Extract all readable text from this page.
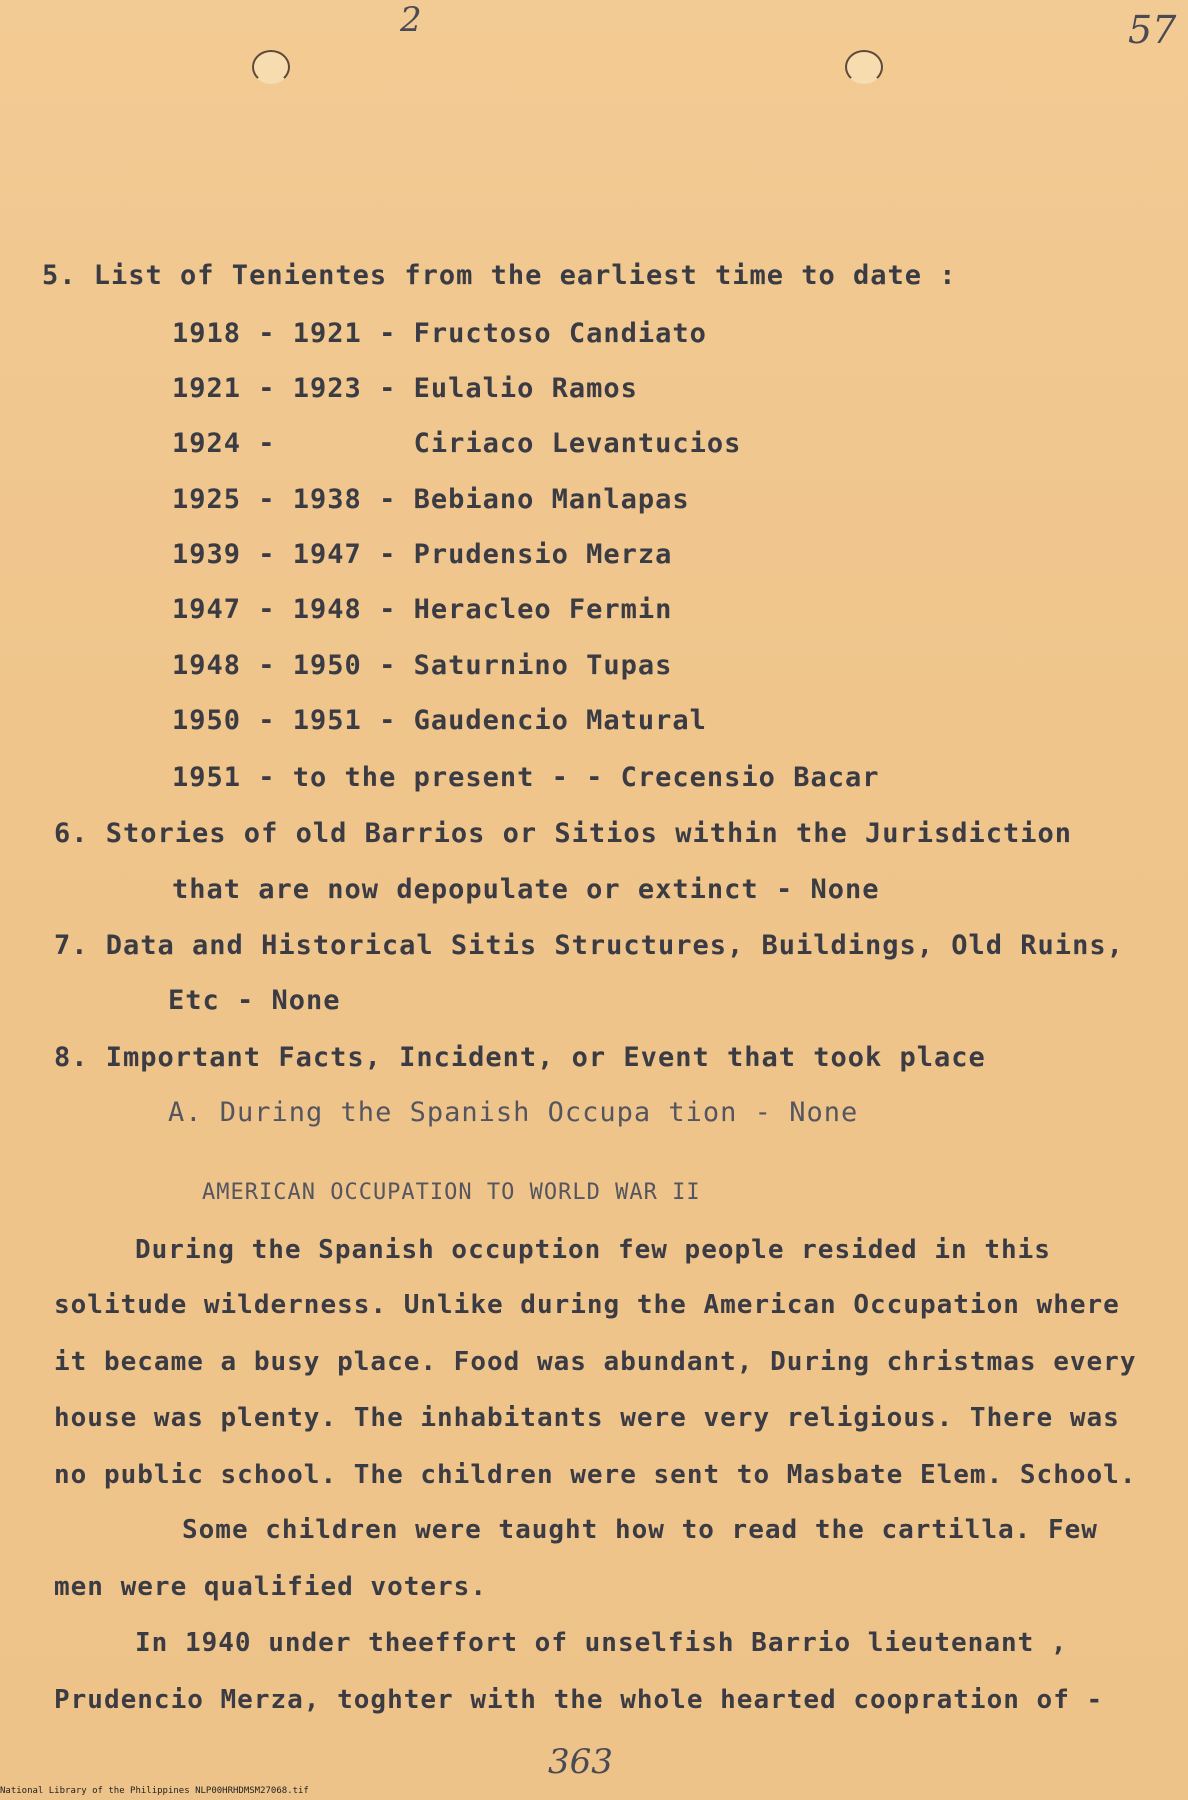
2	57
5. List of Tenientes from the earliest time to date :
1918 - 1921 - Fructoso Candiato
1921 - 1923 - Eulalio Ramos
1924 -        Ciriaco Levantucios
1925 - 1938 - Bebiano Manlapas
1939 - 1947 - Prudensio Merza
1947 - 1948 - Heracleo Fermin
1948 - 1950 - Saturnino Tupas
1950 - 1951 - Gaudencio Matural
1951 - to the present - - Crecensio Bacar
6. Stories of old Barrios or Sitios within the Jurisdiction
that are now depopulate or extinct - None
7. Data and Historical Sitis Structures, Buildings, Old Ruins,
Etc - None
8. Important Facts, Incident, or Event that took place
A. During the Spanish Occupa tion - None
AMERICAN OCCUPATION TO WORLD WAR II
During the Spanish occuption few people resided in this
solitude wilderness. Unlike during the American Occupation where
it became a busy place. Food was abundant, During christmas every
house was plenty. The inhabitants were very religious. There was
no public school. The children were sent to Masbate Elem. School.
Some children were taught how to read the cartilla. Few
men were qualified voters.
In 1940 under theeffort of unselfish Barrio lieutenant ,
Prudencio Merza, toghter with the whole hearted coopration of -
363
National Library of the Philippines NLP00HRHDMSM27068.tif
